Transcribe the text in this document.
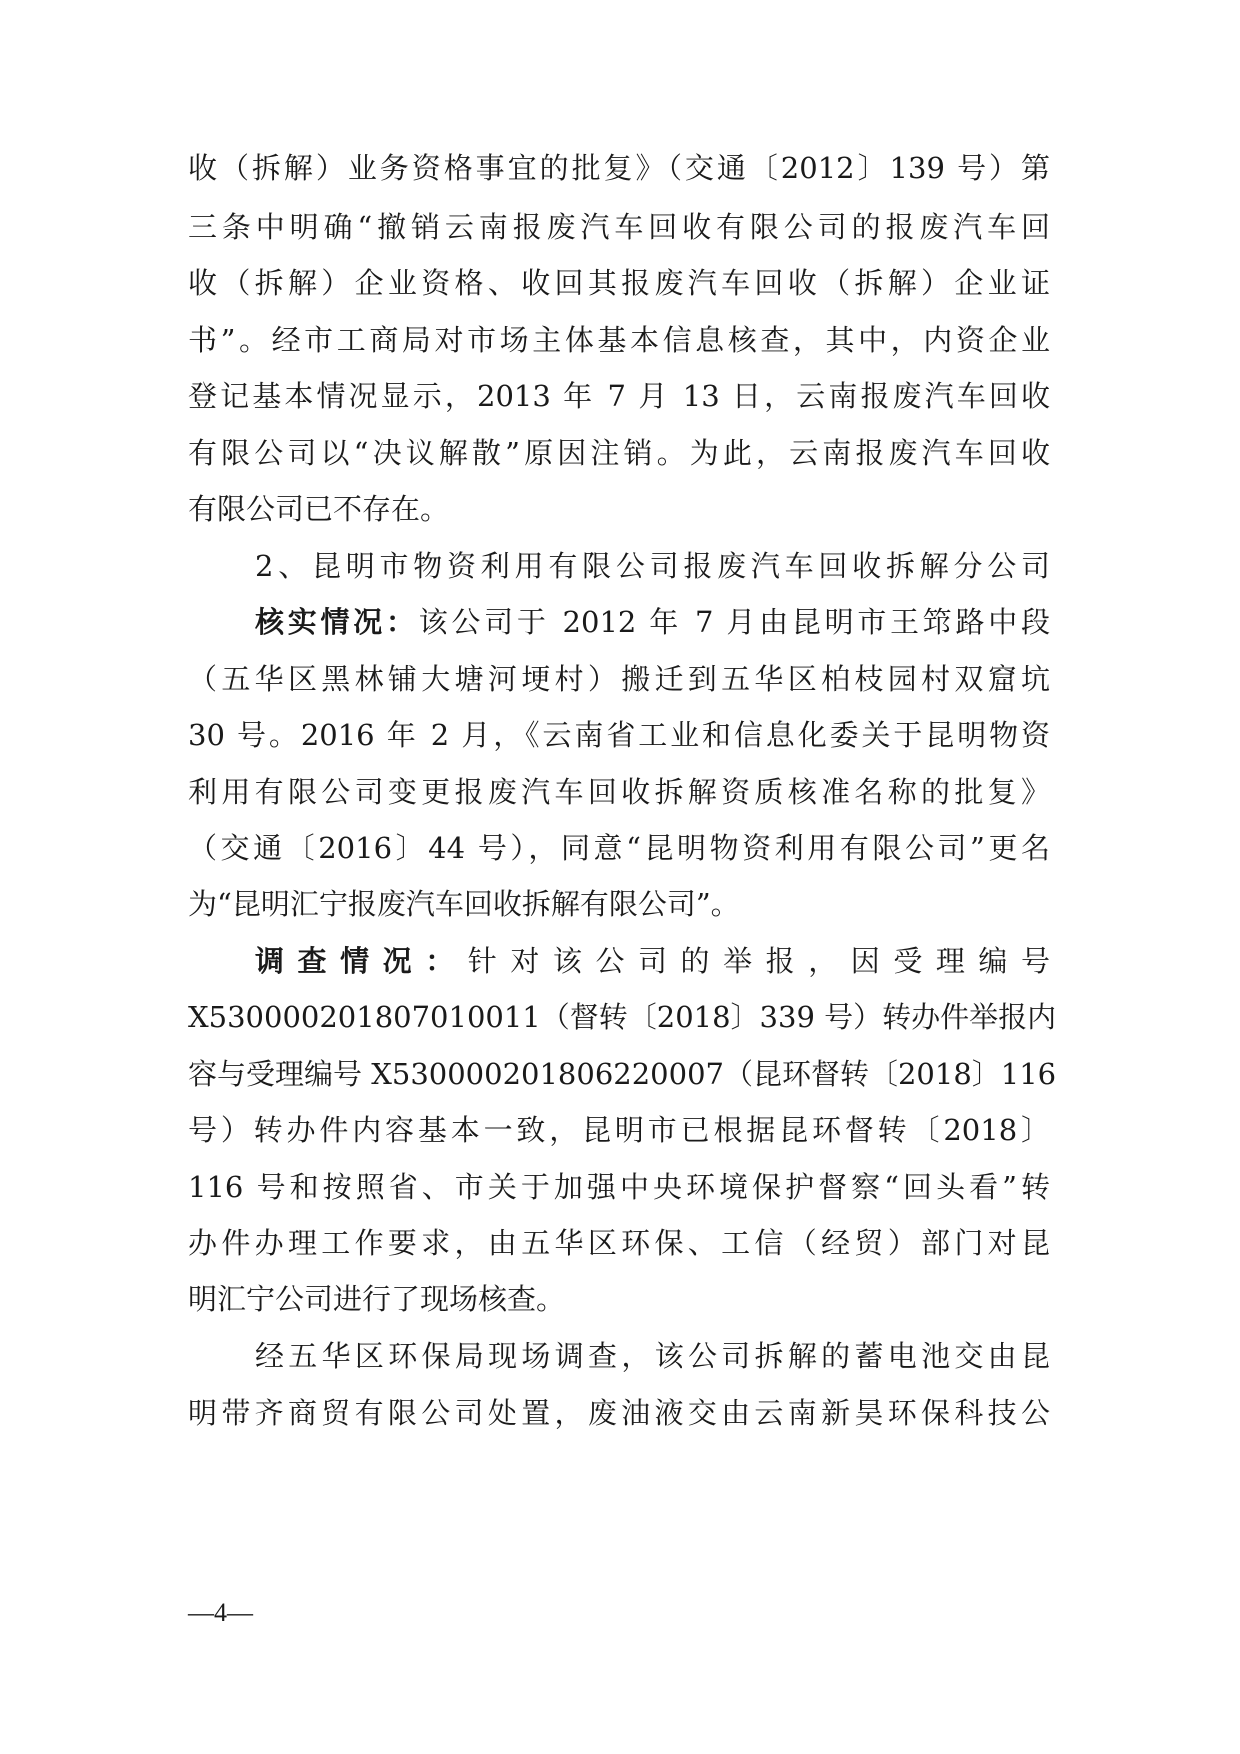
收（拆解）业务资格事宜的批复》（交通〔2012〕139 号）第
三条中明确“撤销云南报废汽车回收有限公司的报废汽车回
收（拆解）企业资格、收回其报废汽车回收（拆解）企业证
书”。经市工商局对市场主体基本信息核查，其中，内资企业
登记基本情况显示，2013 年 7 月 13 日，云南报废汽车回收
有限公司以“决议解散”原因注销。为此，云南报废汽车回收
有限公司已不存在。
2、昆明市物资利用有限公司报废汽车回收拆解分公司
核实情况：该公司于 2012 年 7 月由昆明市王筇路中段
（五华区黑林铺大塘河埂村）搬迁到五华区柏枝园村双窟坑
30 号。2016 年 2 月，《云南省工业和信息化委关于昆明物资
利用有限公司变更报废汽车回收拆解资质核准名称的批复》
（交通〔2016〕44 号），同意“昆明物资利用有限公司”更名
为“昆明汇宁报废汽车回收拆解有限公司”。
调查情况：针对该公司的举报，因受理编号
X530000201807010011（督转〔2018〕339 号）转办件举报内
容与受理编号 X530000201806220007（昆环督转〔2018〕116
号）转办件内容基本一致，昆明市已根据昆环督转〔2018〕
116 号和按照省、市关于加强中央环境保护督察“回头看”转
办件办理工作要求，由五华区环保、工信（经贸）部门对昆
明汇宁公司进行了现场核查。
经五华区环保局现场调查，该公司拆解的蓄电池交由昆
明带齐商贸有限公司处置，废油液交由云南新昊环保科技公
—4—
